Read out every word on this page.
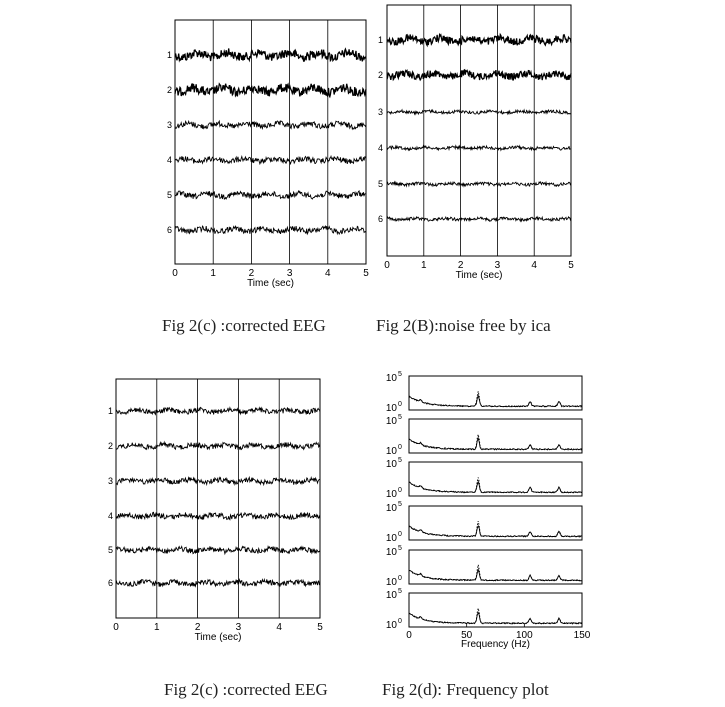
0	1	2	3	4	5
Time (sec)
1
2
3
4
5
6
0	1	2	3	4	5
Time (sec)
1
2
3
4
5
6
0	1	2	3	4	5
Time (sec)
1
2
3
4
5
6
10 0
10 5
10 0
10 5
10 0
10 5
10 0
10 5
10 0
10 5
10 0
10 5
0	50	100	150
Frequency (Hz)
Fig 2(c) :corrected EEG	Fig 2(B):noise free by ica
Fig 2(c) :corrected EEG	Fig 2(d): Frequency plot
